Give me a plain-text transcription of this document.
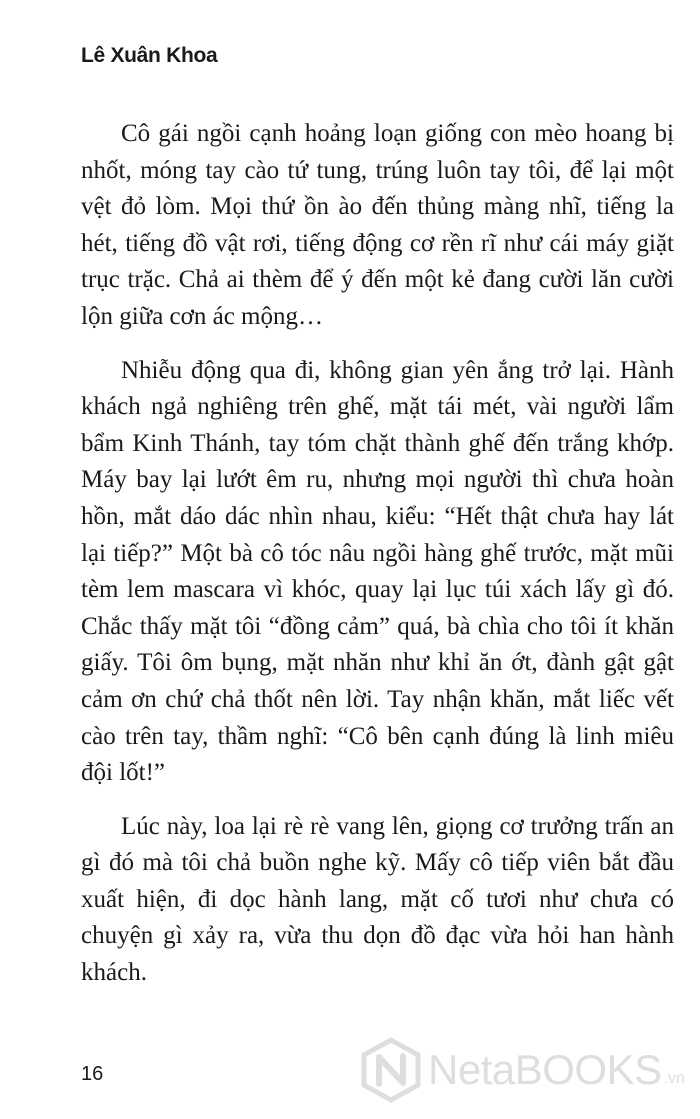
Lê Xuân Khoa

Cô gái ngồi cạnh hoảng loạn giống con mèo hoang bị nhốt, móng tay cào tứ tung, trúng luôn tay tôi, để lại một vệt đỏ lòm. Mọi thứ ồn ào đến thủng màng nhĩ, tiếng la hét, tiếng đồ vật rơi, tiếng động cơ rền rĩ như cái máy giặt trục trặc. Chả ai thèm để ý đến một kẻ đang cười lăn cười lộn giữa cơn ác mộng…

Nhiễu động qua đi, không gian yên ắng trở lại. Hành khách ngả nghiêng trên ghế, mặt tái mét, vài người lẩm bẩm Kinh Thánh, tay tóm chặt thành ghế đến trắng khớp. Máy bay lại lướt êm ru, nhưng mọi người thì chưa hoàn hồn, mắt dáo dác nhìn nhau, kiểu: “Hết thật chưa hay lát lại tiếp?” Một bà cô tóc nâu ngồi hàng ghế trước, mặt mũi tèm lem mascara vì khóc, quay lại lục túi xách lấy gì đó. Chắc thấy mặt tôi “đồng cảm” quá, bà chìa cho tôi ít khăn giấy. Tôi ôm bụng, mặt nhăn như khỉ ăn ớt, đành gật gật cảm ơn chứ chả thốt nên lời. Tay nhận khăn, mắt liếc vết cào trên tay, thầm nghĩ: “Cô bên cạnh đúng là linh miêu đội lốt!”

Lúc này, loa lại rè rè vang lên, giọng cơ trưởng trấn an gì đó mà tôi chả buồn nghe kỹ. Mấy cô tiếp viên bắt đầu xuất hiện, đi dọc hành lang, mặt cố tươi như chưa có chuyện gì xảy ra, vừa thu dọn đồ đạc vừa hỏi han hành khách.

16	NetaBOOKS .vn
